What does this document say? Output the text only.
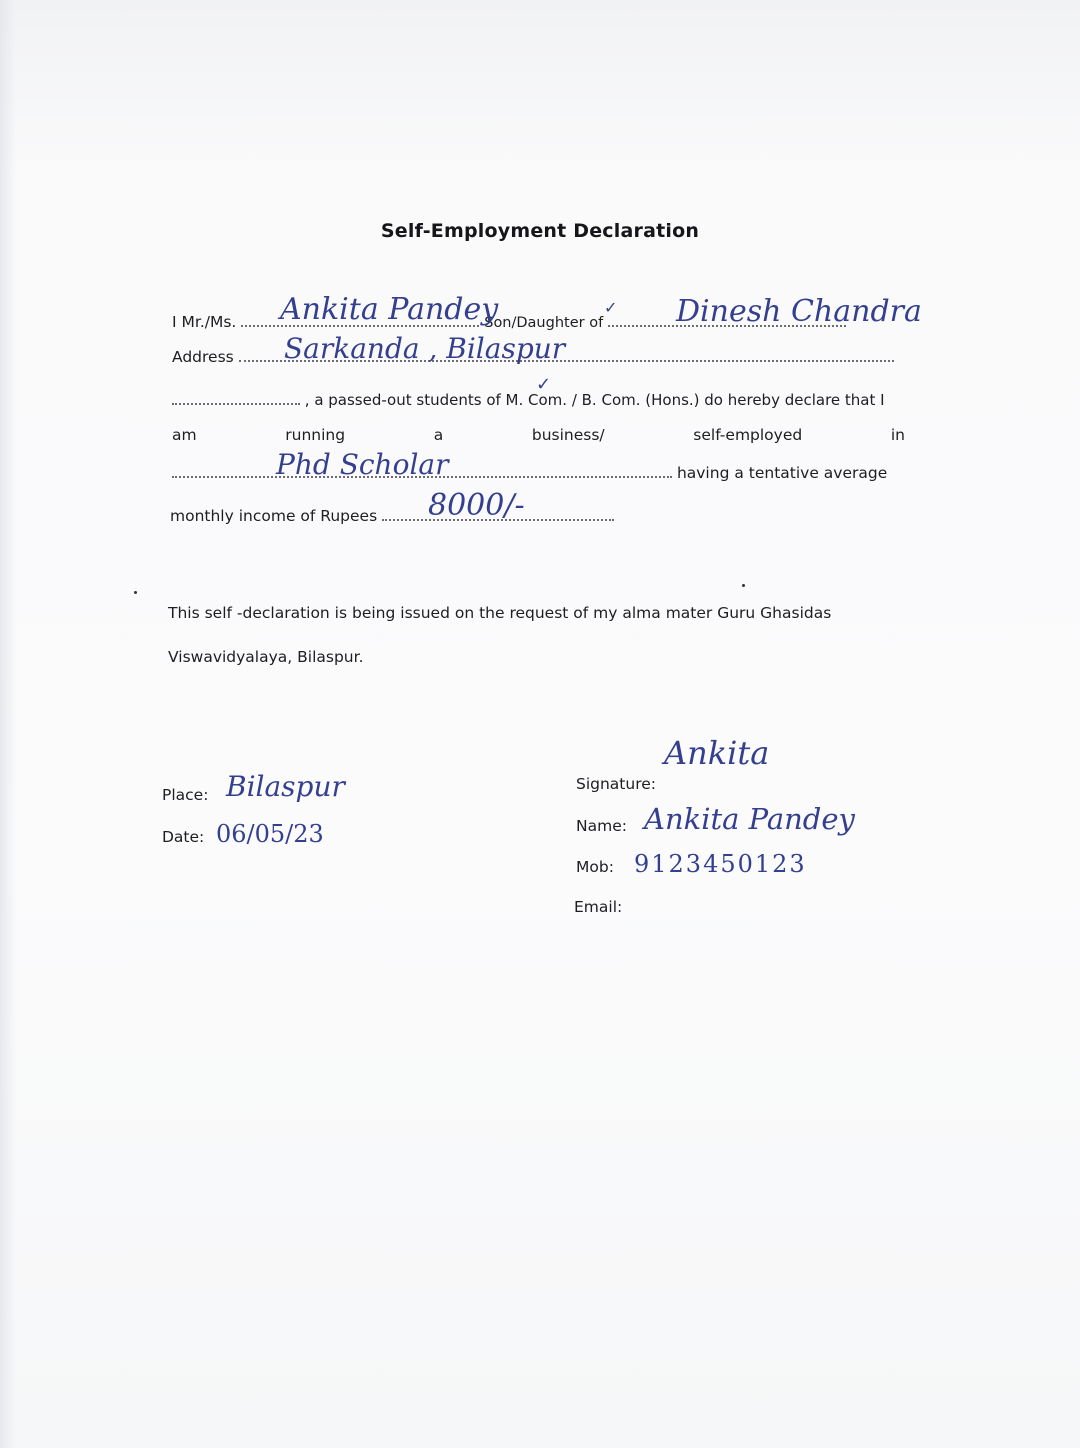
Self-Employment Declaration
I Mr./Ms.	Son/Daughter of
Ankita Pandey	Dinesh Chandra
✓
Address	Sarkanda , Bilaspur
, a passed-out students of M. Com. / B. Com. (Hons.) do hereby declare that I
✓
am	running	a	business/	self-employed	in
having a tentative average
Phd Scholar
monthly income of Rupees	8000/-
This self -declaration is being issued on the request of my alma mater Guru Ghasidas
Viswavidyalaya, Bilaspur.
Place: Bilaspur
Date: 06/05/23
Signature:
Ankita
Name: Ankita Pandey
Mob: 9123450123
Email:
